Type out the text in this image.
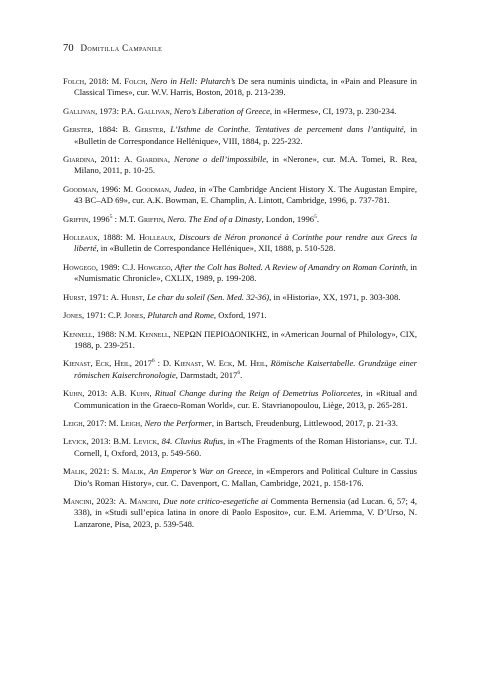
70 Domitilla Campanile

Folch, 2018: M. Folch, Nero in Hell: Plutarch’s De sera numinis uindicta, in «Pain and Pleasure in Classical Times», cur. W.V. Harris, Boston, 2018, p. 213-239.

Gallivan, 1973: P.A. Gallivan, Nero’s Liberation of Greece, in «Hermes», CI, 1973, p. 230-234.

Gerster, 1884: B. Gerster, L’Isthme de Corinthe. Tentatives de percement dans l’antiquité, in «Bulletin de Correspondance Hellénique», VIII, 1884, p. 225-232.

Giardina, 2011: A. Giardina, Nerone o dell’impossibile, in «Nerone», cur. M.A. Tomei, R. Rea, Milano, 2011, p. 10-25.

Goodman, 1996: M. Goodman, Judea, in «The Cambridge Ancient History X. The Augustan Empire, 43 BC–AD 69», cur. A.K. Bowman, E. Champlin, A. Lintott, Cambridge, 1996, p. 737-781.

Griffin, 1996$^5$ : M.T. Griffin, Nero. The End of a Dinasty, London, 1996$^5$.

Holleaux, 1888: M. Holleaux, Discours de Néron prononcé à Corinthe pour rendre aux Grecs la liberté, in «Bulletin de Correspondance Hellénique», XII, 1888, p. 510-528.

Howgego, 1989: C.J. Howgego, After the Colt has Bolted. A Review of Amandry on Roman Corinth, in «Numismatic Chronicle», CXLIX, 1989, p. 199-208.

Hurst, 1971: A. Hurst, Le char du soleil (Sen. Med. 32-36), in «Historia», XX, 1971, p. 303-308.

Jones, 1971: C.P. Jones, Plutarch and Rome, Oxford, 1971.

Kennell, 1988: N.M. Kennell, ΝΕΡΩΝ ΠΕΡΙΟΔΟΝΙΚΗΣ, in «American Journal of Philology», CIX, 1988, p. 239-251.

Kienast, Eck, Heil, 2017$^6$ : D. Kienast, W. Eck, M. Heil, Römische Kaisertabelle. Grundzüge einer römischen Kaiserchronologie, Darmstadt, 2017$^6$.

Kuhn, 2013: A.B. Kuhn, Ritual Change during the Reign of Demetrius Poliorcetes, in «Ritual and Communication in the Graeco-Roman World», cur. E. Stavrianopoulou, Liège, 2013, p. 265-281.

Leigh, 2017: M. Leigh, Nero the Performer, in Bartsch, Freudenburg, Littlewood, 2017, p. 21-33.

Levick, 2013: B.M. Levick, 84. Cluvius Rufus, in «The Fragments of the Roman Historians», cur. T.J. Cornell, I, Oxford, 2013, p. 549-560.

Malik, 2021: S. Malik, An Emperor’s War on Greece, in «Emperors and Political Culture in Cassius Dio’s Roman History», cur. C. Davenport, C. Mallan, Cambridge, 2021, p. 158-176.

Mancini, 2023: A. Mancini, Due note critico-esegetiche ai Commenta Bernensia (ad Lucan. 6, 57; 4, 338), in «Studi sull’epica latina in onore di Paolo Esposito», cur. E.M. Ariemma, V. D’Urso, N. Lanzarone, Pisa, 2023, p. 539-548.
